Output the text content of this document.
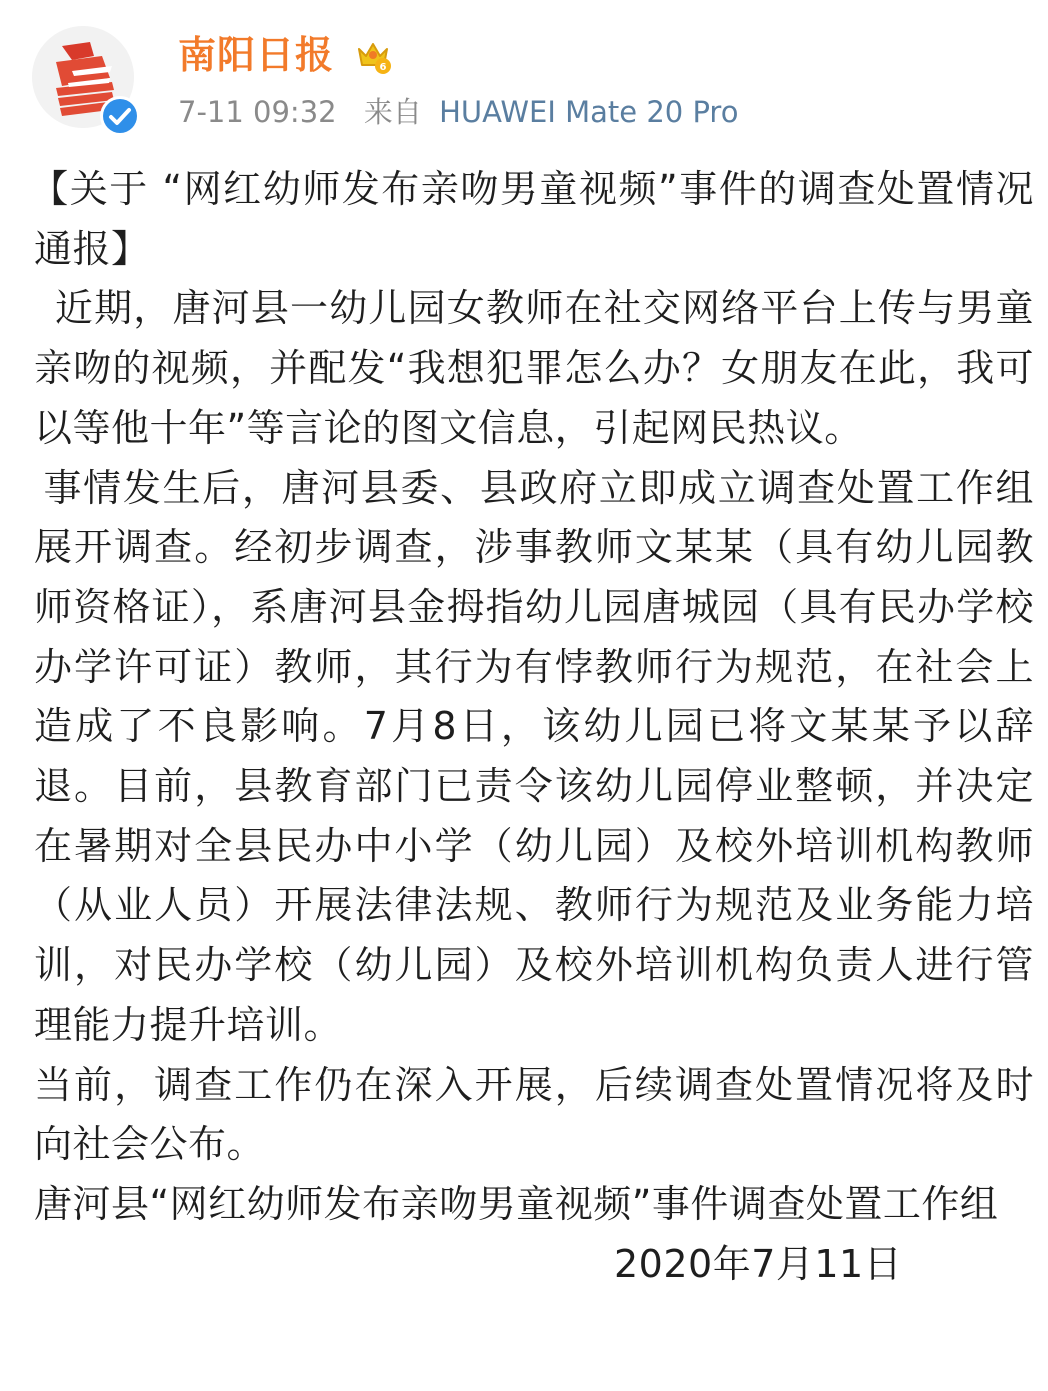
南阳日报	6
7-11 09:32 来自 HUAWEI Mate 20 Pro

【关于 “网红幼师发布亲吻男童视频”事件的调查处置情况通报】

近期，唐河县一幼儿园女教师在社交网络平台上传与男童亲吻的视频，并配发“我想犯罪怎么办？女朋友在此，我可以等他十年”等言论的图文信息，引起网民热议。

事情发生后，唐河县委、县政府立即成立调查处置工作组展开调查。经初步调查，涉事教师文某某（具有幼儿园教师资格证），系唐河县金拇指幼儿园唐城园（具有民办学校办学许可证）教师，其行为有悖教师行为规范，在社会上造成了不良影响。7月8日，该幼儿园已将文某某予以辞退。目前，县教育部门已责令该幼儿园停业整顿，并决定在暑期对全县民办中小学（幼儿园）及校外培训机构教师（从业人员）开展法律法规、教师行为规范及业务能力培训，对民办学校（幼儿园）及校外培训机构负责人进行管理能力提升培训。

当前，调查工作仍在深入开展，后续调查处置情况将及时向社会公布。

唐河县“网红幼师发布亲吻男童视频”事件调查处置工作组

2020年7月11日
